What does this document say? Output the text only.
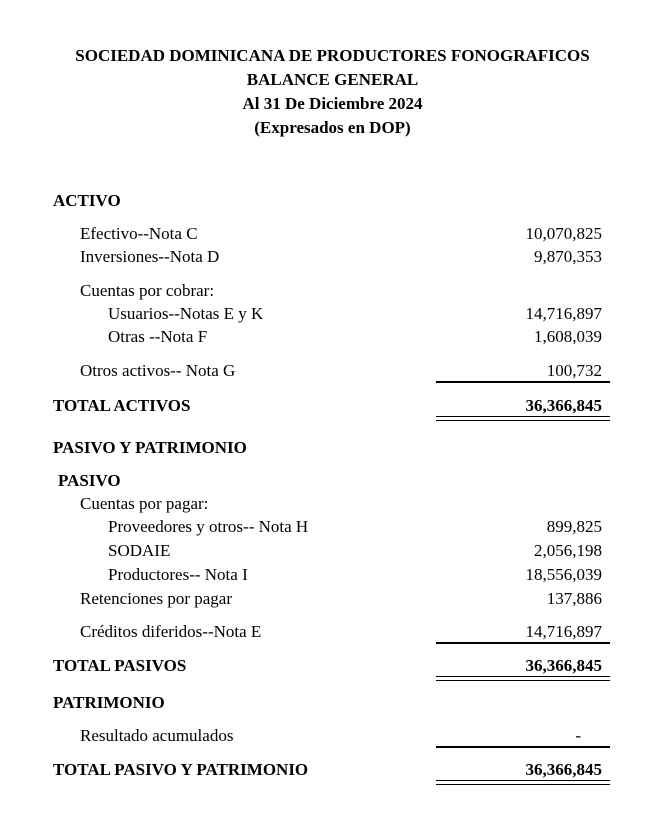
SOCIEDAD DOMINICANA DE PRODUCTORES FONOGRAFICOS
BALANCE GENERAL
Al 31 De Diciembre 2024
(Expresados en DOP)
ACTIVO
Efectivo--Nota C	10,070,825
Inversiones--Nota D	9,870,353
Cuentas por cobrar:
Usuarios--Notas E y K	14,716,897
Otras --Nota F	1,608,039
Otros activos-- Nota G	100,732
TOTAL ACTIVOS	36,366,845
PASIVO Y PATRIMONIO
PASIVO
Cuentas por pagar:
Proveedores y otros-- Nota H	899,825
SODAIE	2,056,198
Productores-- Nota I	18,556,039
Retenciones por pagar	137,886
Créditos diferidos--Nota E	14,716,897
TOTAL PASIVOS	36,366,845
PATRIMONIO
Resultado acumulados	-
TOTAL PASIVO Y PATRIMONIO	36,366,845
